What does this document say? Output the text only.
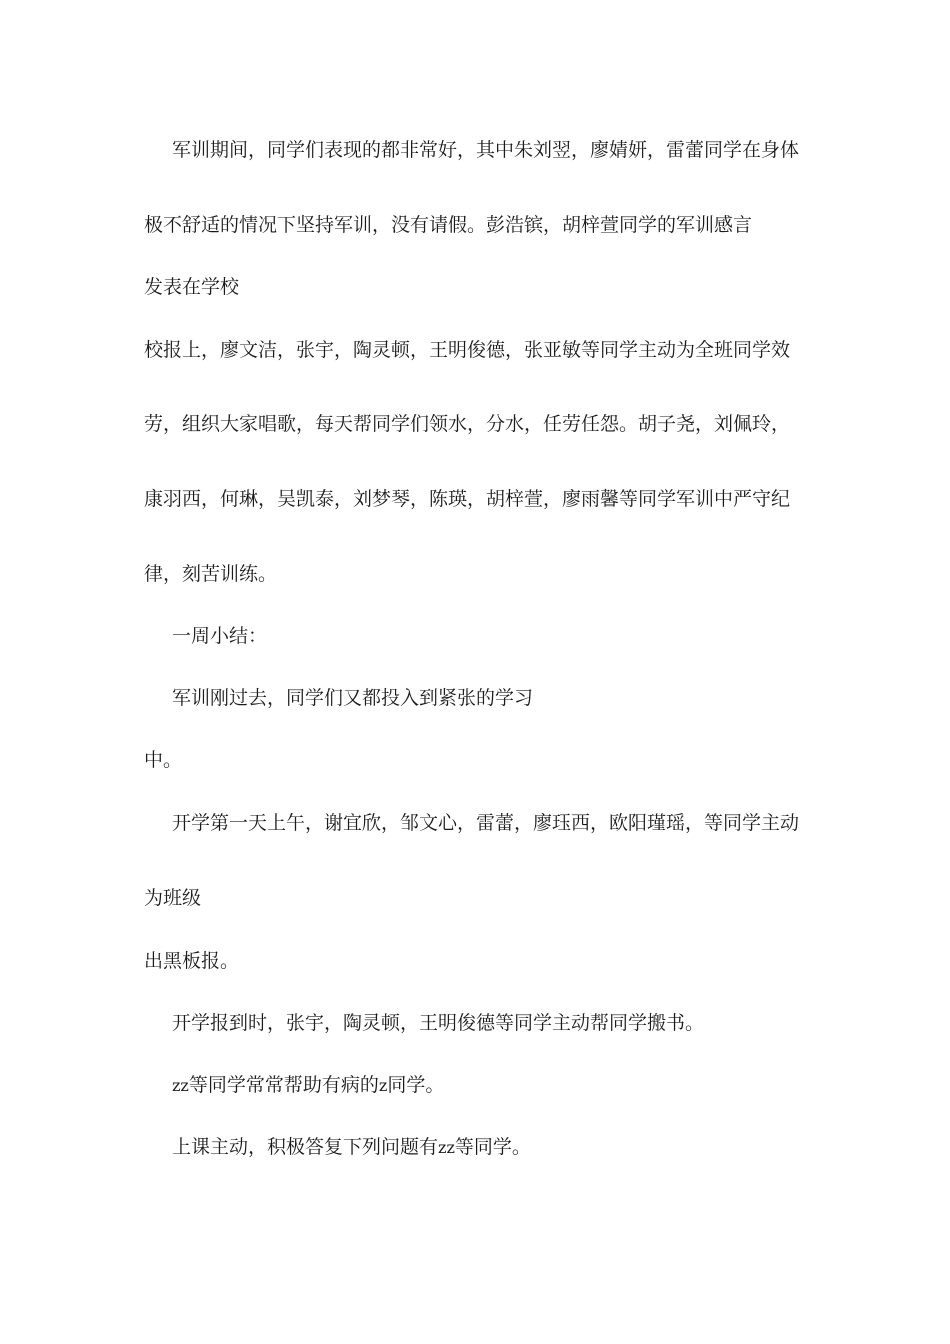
军训期间，同学们表现的都非常好，其中朱刘翌，廖婧妍，雷蕾同学在身体

极不舒适的情况下坚持军训，没有请假。彭浩镔，胡梓萱同学的军训感言

发表在学校

校报上，廖文洁，张宇，陶灵顿，王明俊德，张亚敏等同学主动为全班同学效

劳，组织大家唱歌，每天帮同学们领水，分水，任劳任怨。胡子尧，刘佩玲，

康羽西，何琳，吴凯泰，刘梦琴，陈瑛，胡梓萱，廖雨馨等同学军训中严守纪

律，刻苦训练。

一周小结：

军训刚过去，同学们又都投入到紧张的学习

中。

开学第一天上午，谢宜欣，邹文心，雷蕾，廖珏西，欧阳瑾瑶，等同学主动

为班级

出黑板报。

开学报到时，张宇，陶灵顿，王明俊德等同学主动帮同学搬书。

zz等同学常常帮助有病的z同学。

上课主动，积极答复下列问题有zz等同学。
